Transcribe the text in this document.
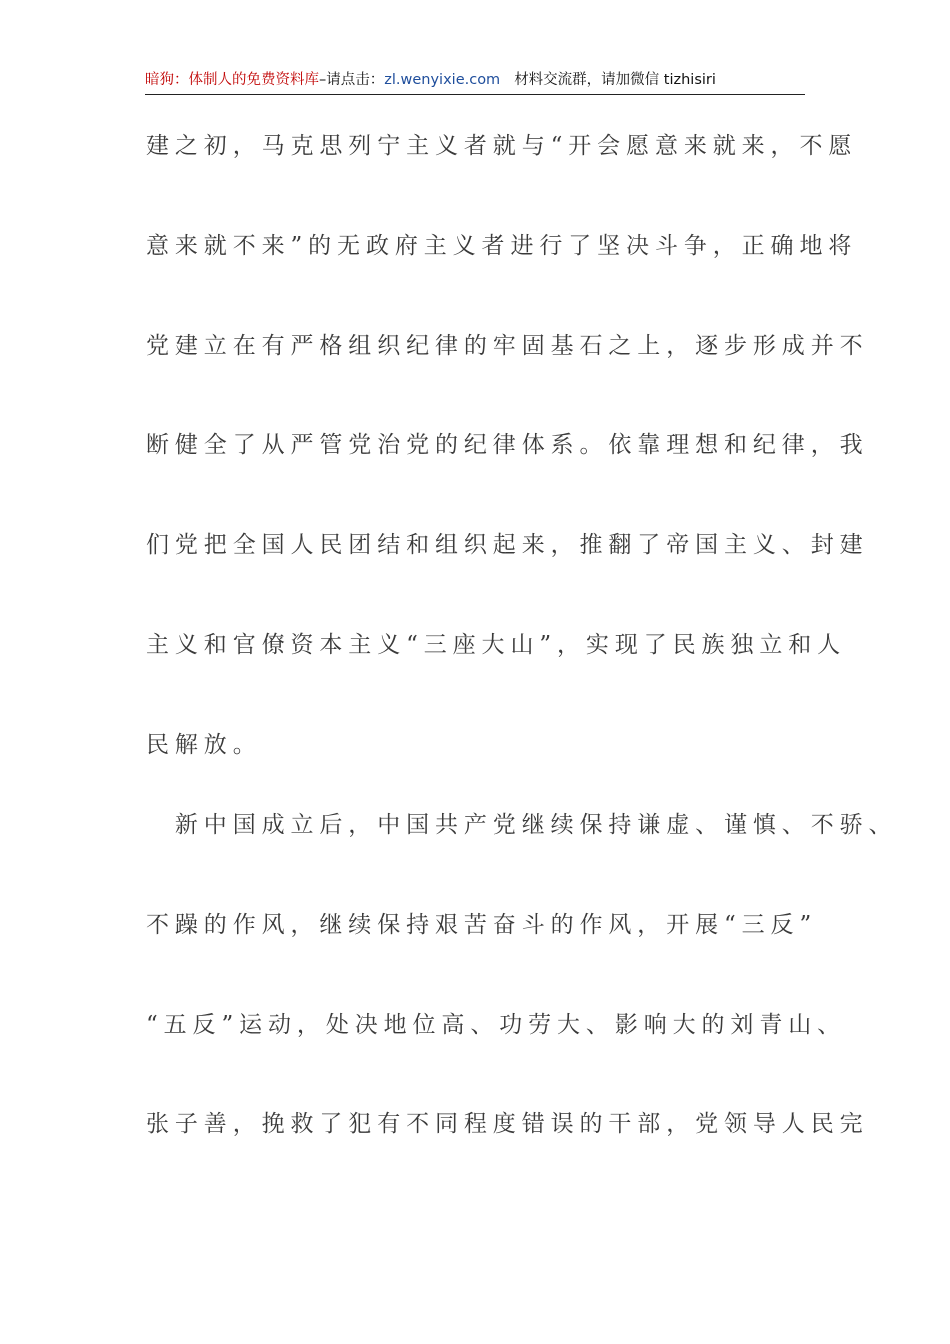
暗狗：体制人的免费资料库–请点击：zl.wenyixie.com 材料交流群，请加微信 tizhisiri
建之初，马克思列宁主义者就与“开会愿意来就来，不愿
意来就不来”的无政府主义者进行了坚决斗争，正确地将
党建立在有严格组织纪律的牢固基石之上，逐步形成并不
断健全了从严管党治党的纪律体系。依靠理想和纪律，我
们党把全国人民团结和组织起来，推翻了帝国主义、封建
主义和官僚资本主义“三座大山”，实现了民族独立和人
民解放。
　新中国成立后，中国共产党继续保持谦虚、谨慎、不骄、
不躁的作风，继续保持艰苦奋斗的作风，开展“三反”
“五反”运动，处决地位高、功劳大、影响大的刘青山、
张子善，挽救了犯有不同程度错误的干部，党领导人民完
